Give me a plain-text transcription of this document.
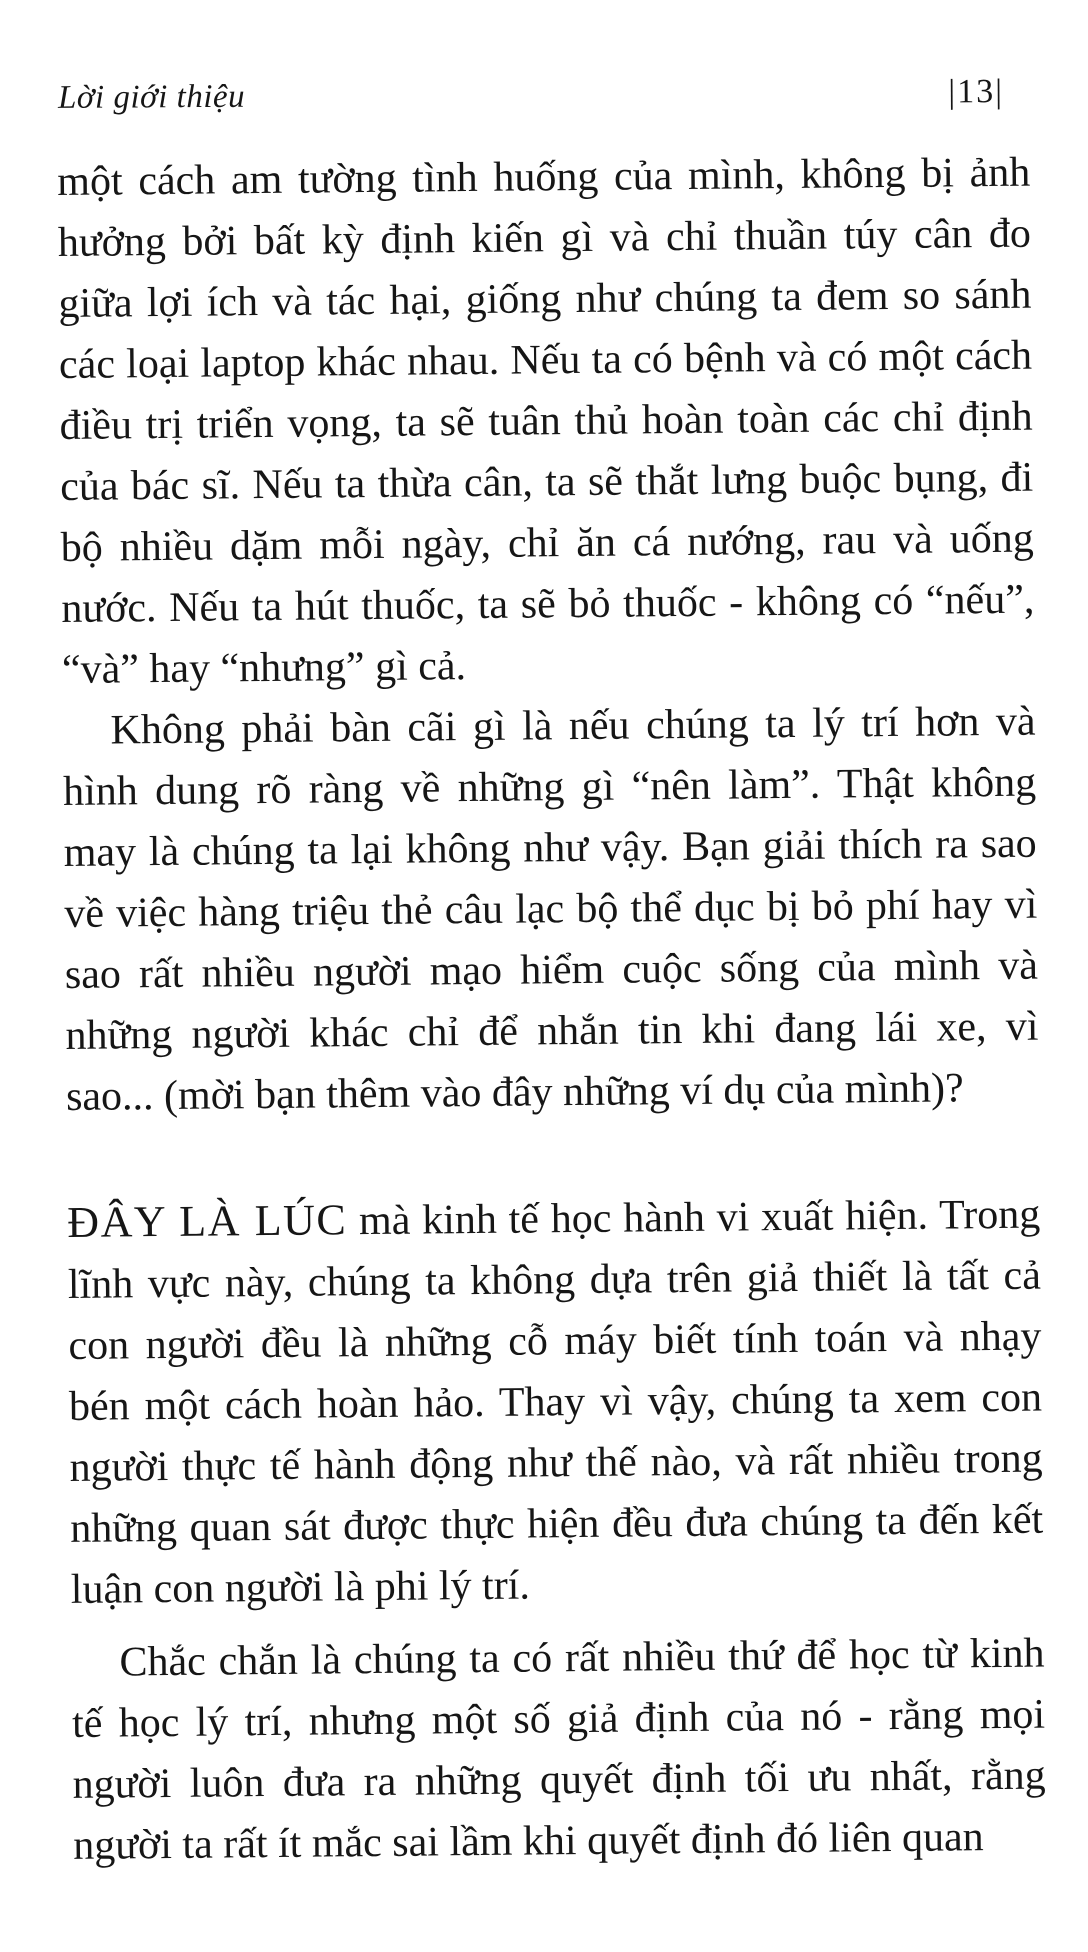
Lời giới thiệu	|13|

một cách am tường tình huống của mình, không bị ảnh hưởng bởi bất kỳ định kiến gì và chỉ thuần túy cân đo giữa lợi ích và tác hại, giống như chúng ta đem so sánh các loại laptop khác nhau. Nếu ta có bệnh và có một cách điều trị triển vọng, ta sẽ tuân thủ hoàn toàn các chỉ định của bác sĩ. Nếu ta thừa cân, ta sẽ thắt lưng buộc bụng, đi bộ nhiều dặm mỗi ngày, chỉ ăn cá nướng, rau và uống nước. Nếu ta hút thuốc, ta sẽ bỏ thuốc - không có “nếu”, “và” hay “nhưng” gì cả.

Không phải bàn cãi gì là nếu chúng ta lý trí hơn và hình dung rõ ràng về những gì “nên làm”. Thật không may là chúng ta lại không như vậy. Bạn giải thích ra sao về việc hàng triệu thẻ câu lạc bộ thể dục bị bỏ phí hay vì sao rất nhiều người mạo hiểm cuộc sống của mình và những người khác chỉ để nhắn tin khi đang lái xe, vì sao... (mời bạn thêm vào đây những ví dụ của mình)?

ĐÂY LÀ LÚC mà kinh tế học hành vi xuất hiện. Trong lĩnh vực này, chúng ta không dựa trên giả thiết là tất cả con người đều là những cỗ máy biết tính toán và nhạy bén một cách hoàn hảo. Thay vì vậy, chúng ta xem con người thực tế hành động như thế nào, và rất nhiều trong những quan sát được thực hiện đều đưa chúng ta đến kết luận con người là phi lý trí.

Chắc chắn là chúng ta có rất nhiều thứ để học từ kinh tế học lý trí, nhưng một số giả định của nó - rằng mọi người luôn đưa ra những quyết định tối ưu nhất, rằng người ta rất ít mắc sai lầm khi quyết định đó liên quan
